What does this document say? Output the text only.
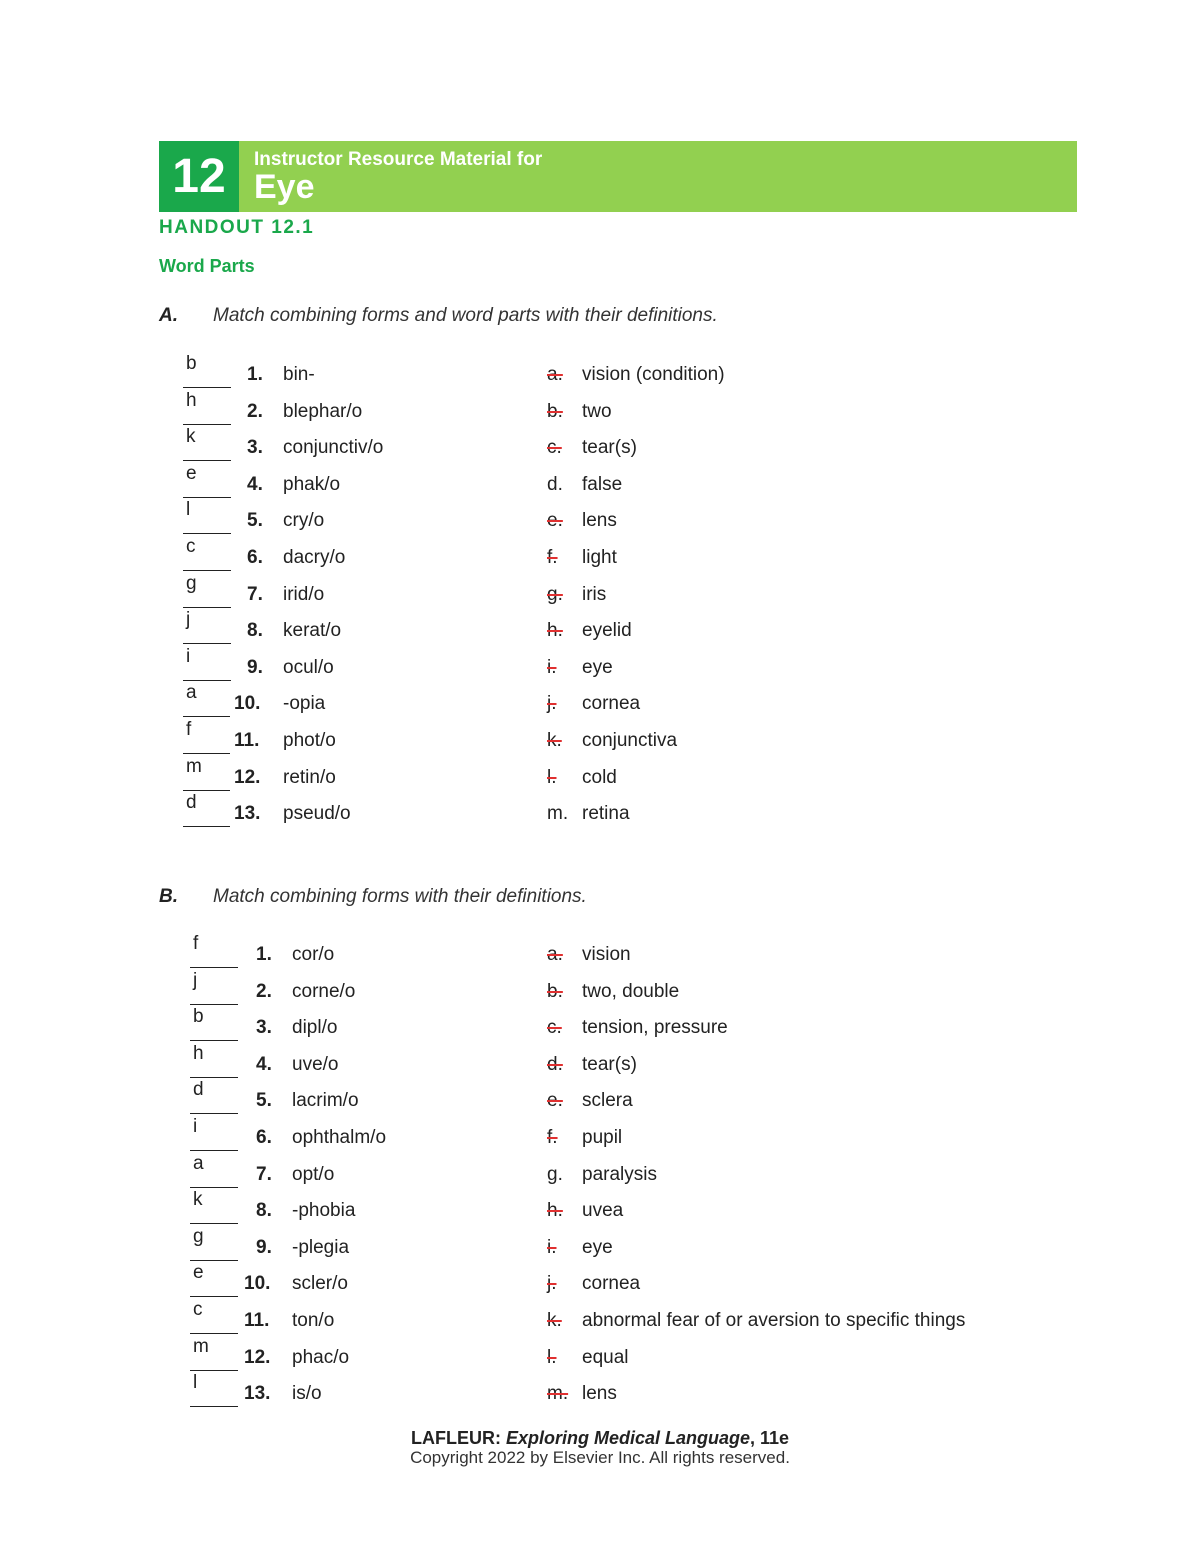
12	Instructor Resource Material for
Eye
HANDOUT 12.1
Word Parts
A. Match combining forms and word parts with their definitions.
b
1. bin-	a. vision (condition)
h
2. blephar/o	b. two
k
3. conjunctiv/o	c. tear(s)
e
4. phak/o	d. false
l
5. cry/o	e. lens
c
6. dacry/o	f.	light
g
7. irid/o	g. iris
j
8. kerat/o	h. eyelid
i
9. ocul/o	i.	eye
a
10. -opia	j.	cornea
f
11. phot/o	k. conjunctiva
m
12. retin/o	l.	cold
d
13. pseud/o	m. retina
B. Match combining forms with their definitions.
f
1. cor/o	a. vision
j
2. corne/o	b. two, double
b
3. dipl/o	c. tension, pressure
h
4. uve/o	d. tear(s)
d
5. lacrim/o	e. sclera
i
6. ophthalm/o	f.	pupil
a
7. opt/o	g. paralysis
k
8. -phobia	h. uvea
g
9. -plegia	i.	eye
e
10. scler/o	j.	cornea
c
11. ton/o	k. abnormal fear of or aversion to specific things
m
12. phac/o	l.	equal
l
13. is/o	m. lens
LAFLEUR: Exploring Medical Language, 11e
Copyright 2022 by Elsevier Inc. All rights reserved.
